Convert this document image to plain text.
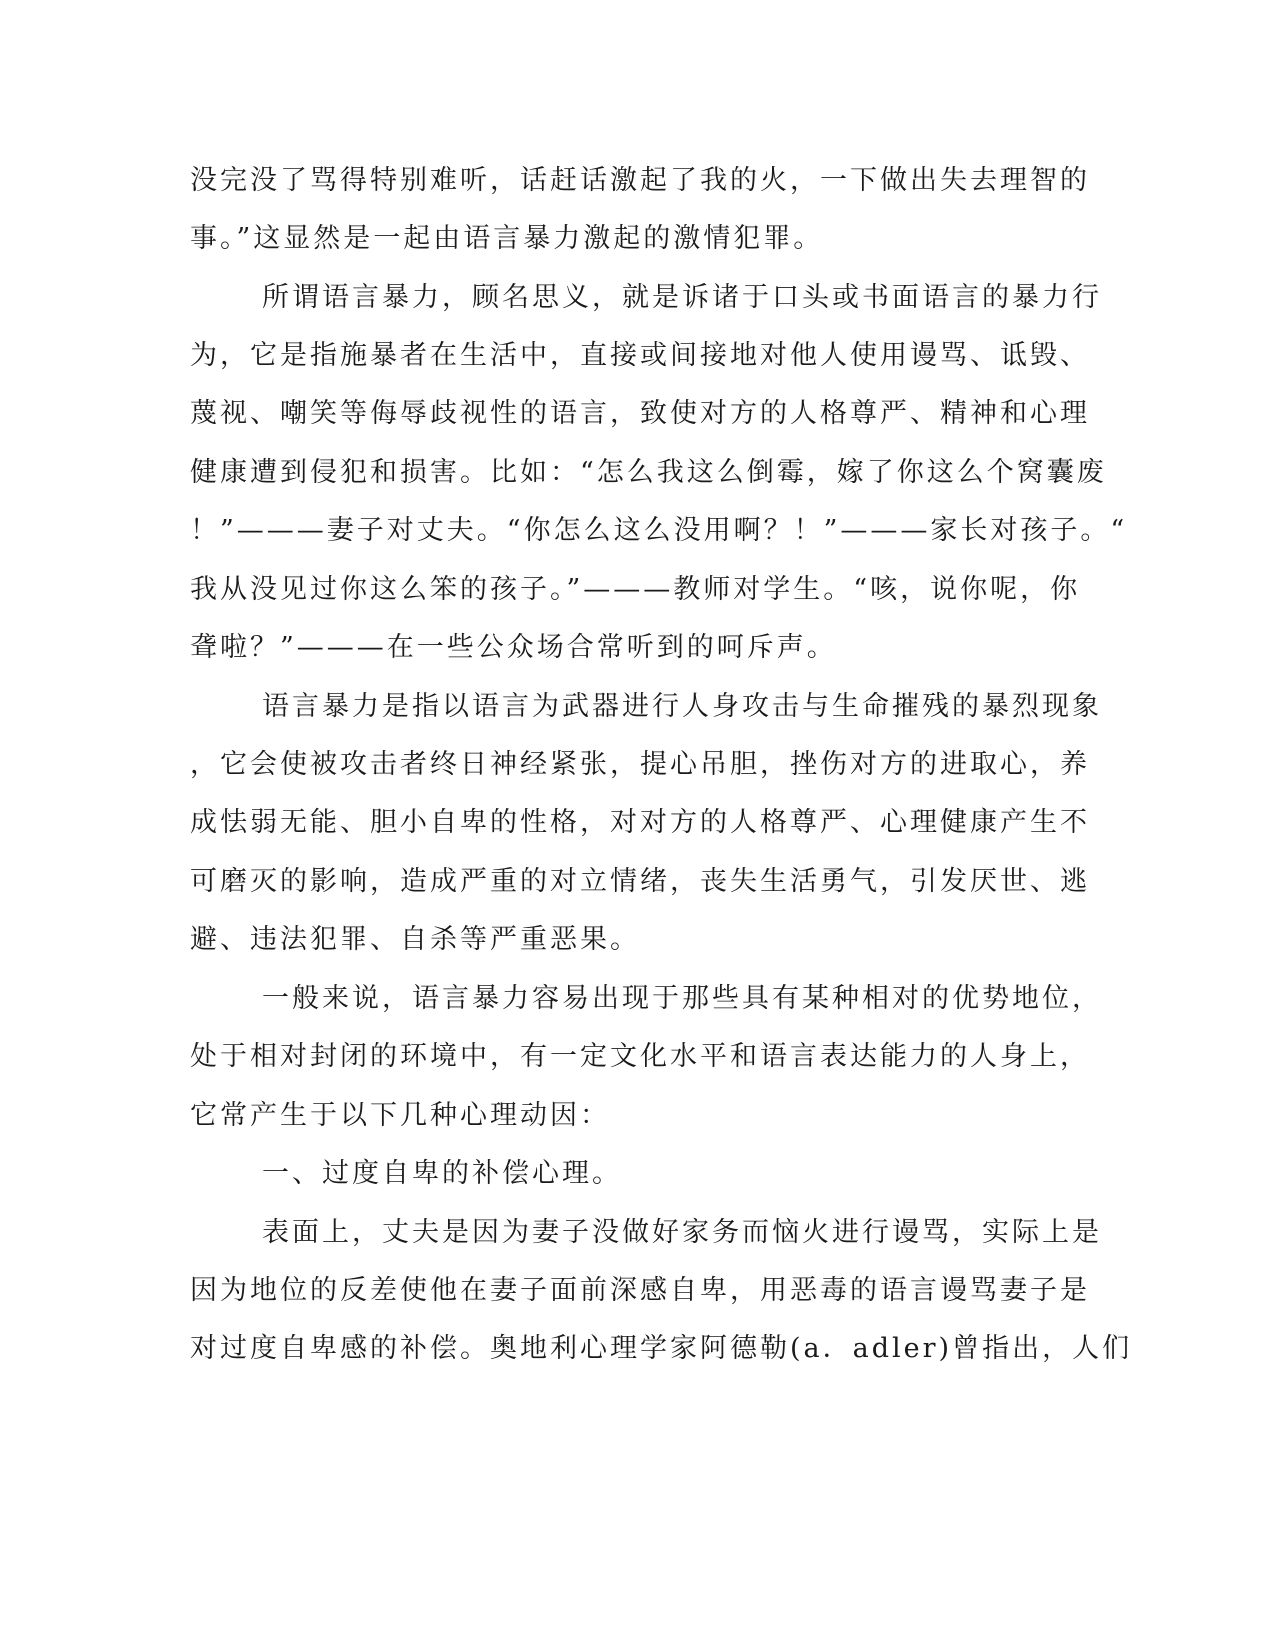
没完没了骂得特别难听，话赶话激起了我的火，一下做出失去理智的
事。”这显然是一起由语言暴力激起的激情犯罪。
所谓语言暴力，顾名思义，就是诉诸于口头或书面语言的暴力行
为，它是指施暴者在生活中，直接或间接地对他人使用谩骂、诋毁、
蔑视、嘲笑等侮辱歧视性的语言，致使对方的人格尊严、精神和心理
健康遭到侵犯和损害。比如：“怎么我这么倒霉，嫁了你这么个窝囊废
！”———妻子对丈夫。“你怎么这么没用啊？！”———家长对孩子。“
我从没见过你这么笨的孩子。”———教师对学生。“咳，说你呢，你
聋啦？”———在一些公众场合常听到的呵斥声。
语言暴力是指以语言为武器进行人身攻击与生命摧残的暴烈现象
，它会使被攻击者终日神经紧张，提心吊胆，挫伤对方的进取心，养
成怯弱无能、胆小自卑的性格，对对方的人格尊严、心理健康产生不
可磨灭的影响，造成严重的对立情绪，丧失生活勇气，引发厌世、逃
避、违法犯罪、自杀等严重恶果。
一般来说，语言暴力容易出现于那些具有某种相对的优势地位，
处于相对封闭的环境中，有一定文化水平和语言表达能力的人身上，
它常产生于以下几种心理动因：
一、过度自卑的补偿心理。
表面上，丈夫是因为妻子没做好家务而恼火进行谩骂，实际上是
因为地位的反差使他在妻子面前深感自卑，用恶毒的语言谩骂妻子是
对过度自卑感的补偿。奥地利心理学家阿德勒(a．adler)曾指出，人们
